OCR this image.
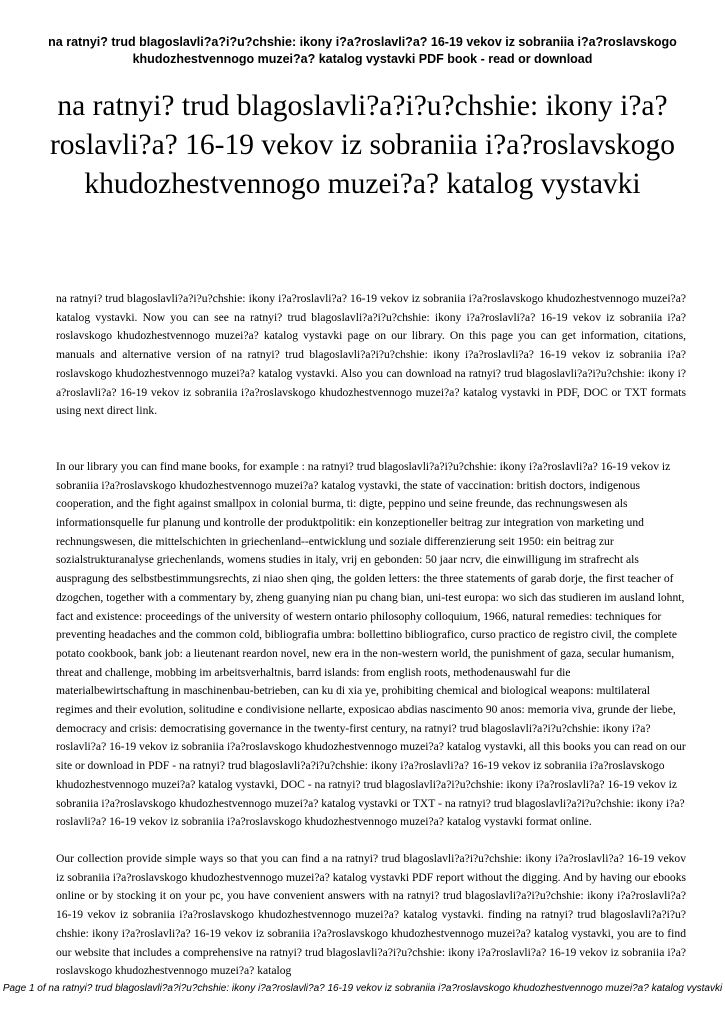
na ratnyi? trud blagoslavli?a?i?u?chshie: ikony i?a?roslavli?a? 16-19 vekov iz sobraniia i?a?roslavskogo khudozhestvennogo muzei?a? katalog vystavki PDF book - read or download
na ratnyi? trud blagoslavli?a?i?u?chshie: ikony i?a?roslavli?a? 16-19 vekov iz sobraniia i?a?roslavskogo khudozhestvennogo muzei?a? katalog vystavki

na ratnyi? trud blagoslavli?a?i?u?chshie: ikony i?a?roslavli?a? 16-19 vekov iz sobraniia i?a?roslavskogo khudozhestvennogo muzei?a? katalog vystavki. Now you can see na ratnyi? trud blagoslavli?a?i?u?chshie: ikony i?a?roslavli?a? 16-19 vekov iz sobraniia i?a?roslavskogo khudozhestvennogo muzei?a? katalog vystavki page on our library. On this page you can get information, citations, manuals and alternative version of na ratnyi? trud blagoslavli?a?i?u?chshie: ikony i?a?roslavli?a? 16-19 vekov iz sobraniia i?a?roslavskogo khudozhestvennogo muzei?a? katalog vystavki. Also you can download na ratnyi? trud blagoslavli?a?i?u?chshie: ikony i?a?roslavli?a? 16-19 vekov iz sobraniia i?a?roslavskogo khudozhestvennogo muzei?a? katalog vystavki in PDF, DOC or TXT formats using next direct link.

In our library you can find mane books, for example : na ratnyi? trud blagoslavli?a?i?u?chshie: ikony i?a?roslavli?a? 16-19 vekov iz sobraniia i?a?roslavskogo khudozhestvennogo muzei?a? katalog vystavki, the state of vaccination: british doctors, indigenous cooperation, and the fight against smallpox in colonial burma, ti: digte, peppino und seine freunde, das rechnungswesen als informationsquelle fur planung und kontrolle der produktpolitik: ein konzeptioneller beitrag zur integration von marketing und rechnungswesen, die mittelschichten in griechenland--entwicklung und soziale differenzierung seit 1950: ein beitrag zur sozialstrukturanalyse griechenlands, womens studies in italy, vrij en gebonden: 50 jaar ncrv, die einwilligung im strafrecht als auspragung des selbstbestimmungsrechts, zi niao shen qing, the golden letters: the three statements of garab dorje, the first teacher of dzogchen, together with a commentary by, zheng guanying nian pu chang bian, uni-test europa: wo sich das studieren im ausland lohnt, fact and existence: proceedings of the university of western ontario philosophy colloquium, 1966, natural remedies: techniques for preventing headaches and the common cold, bibliografia umbra: bollettino bibliografico, curso practico de registro civil, the complete potato cookbook, bank job: a lieutenant reardon novel, new era in the non-western world, the punishment of gaza, secular humanism, threat and challenge, mobbing im arbeitsverhaltnis, barrd islands: from english roots, methodenauswahl fur die materialbewirtschaftung in maschinenbau-betrieben, can ku di xia ye, prohibiting chemical and biological weapons: multilateral regimes and their evolution, solitudine e condivisione nellarte, exposicao abdias nascimento 90 anos: memoria viva, grunde der liebe, democracy and crisis: democratising governance in the twenty-first century, na ratnyi? trud blagoslavli?a?i?u?chshie: ikony i?a?roslavli?a? 16-19 vekov iz sobraniia i?a?roslavskogo khudozhestvennogo muzei?a? katalog vystavki, all this books you can read on our site or download in PDF - na ratnyi? trud blagoslavli?a?i?u?chshie: ikony i?a?roslavli?a? 16-19 vekov iz sobraniia i?a?roslavskogo khudozhestvennogo muzei?a? katalog vystavki, DOC - na ratnyi? trud blagoslavli?a?i?u?chshie: ikony i?a?roslavli?a? 16-19 vekov iz sobraniia i?a?roslavskogo khudozhestvennogo muzei?a? katalog vystavki or TXT - na ratnyi? trud blagoslavli?a?i?u?chshie: ikony i?a?roslavli?a? 16-19 vekov iz sobraniia i?a?roslavskogo khudozhestvennogo muzei?a? katalog vystavki format online.

Our collection provide simple ways so that you can find a na ratnyi? trud blagoslavli?a?i?u?chshie: ikony i?a?roslavli?a? 16-19 vekov iz sobraniia i?a?roslavskogo khudozhestvennogo muzei?a? katalog vystavki PDF report without the digging. And by having our ebooks online or by stocking it on your pc, you have convenient answers with na ratnyi? trud blagoslavli?a?i?u?chshie: ikony i?a?roslavli?a? 16-19 vekov iz sobraniia i?a?roslavskogo khudozhestvennogo muzei?a? katalog vystavki. finding na ratnyi? trud blagoslavli?a?i?u?chshie: ikony i?a?roslavli?a? 16-19 vekov iz sobraniia i?a?roslavskogo khudozhestvennogo muzei?a? katalog vystavki, you are to find our website that includes a comprehensive na ratnyi? trud blagoslavli?a?i?u?chshie: ikony i?a?roslavli?a? 16-19 vekov iz sobraniia i?a?roslavskogo khudozhestvennogo muzei?a? katalog

Page 1 of na ratnyi? trud blagoslavli?a?i?u?chshie: ikony i?a?roslavli?a? 16-19 vekov iz sobraniia i?a?roslavskogo khudozhestvennogo muzei?a? katalog vystavki
